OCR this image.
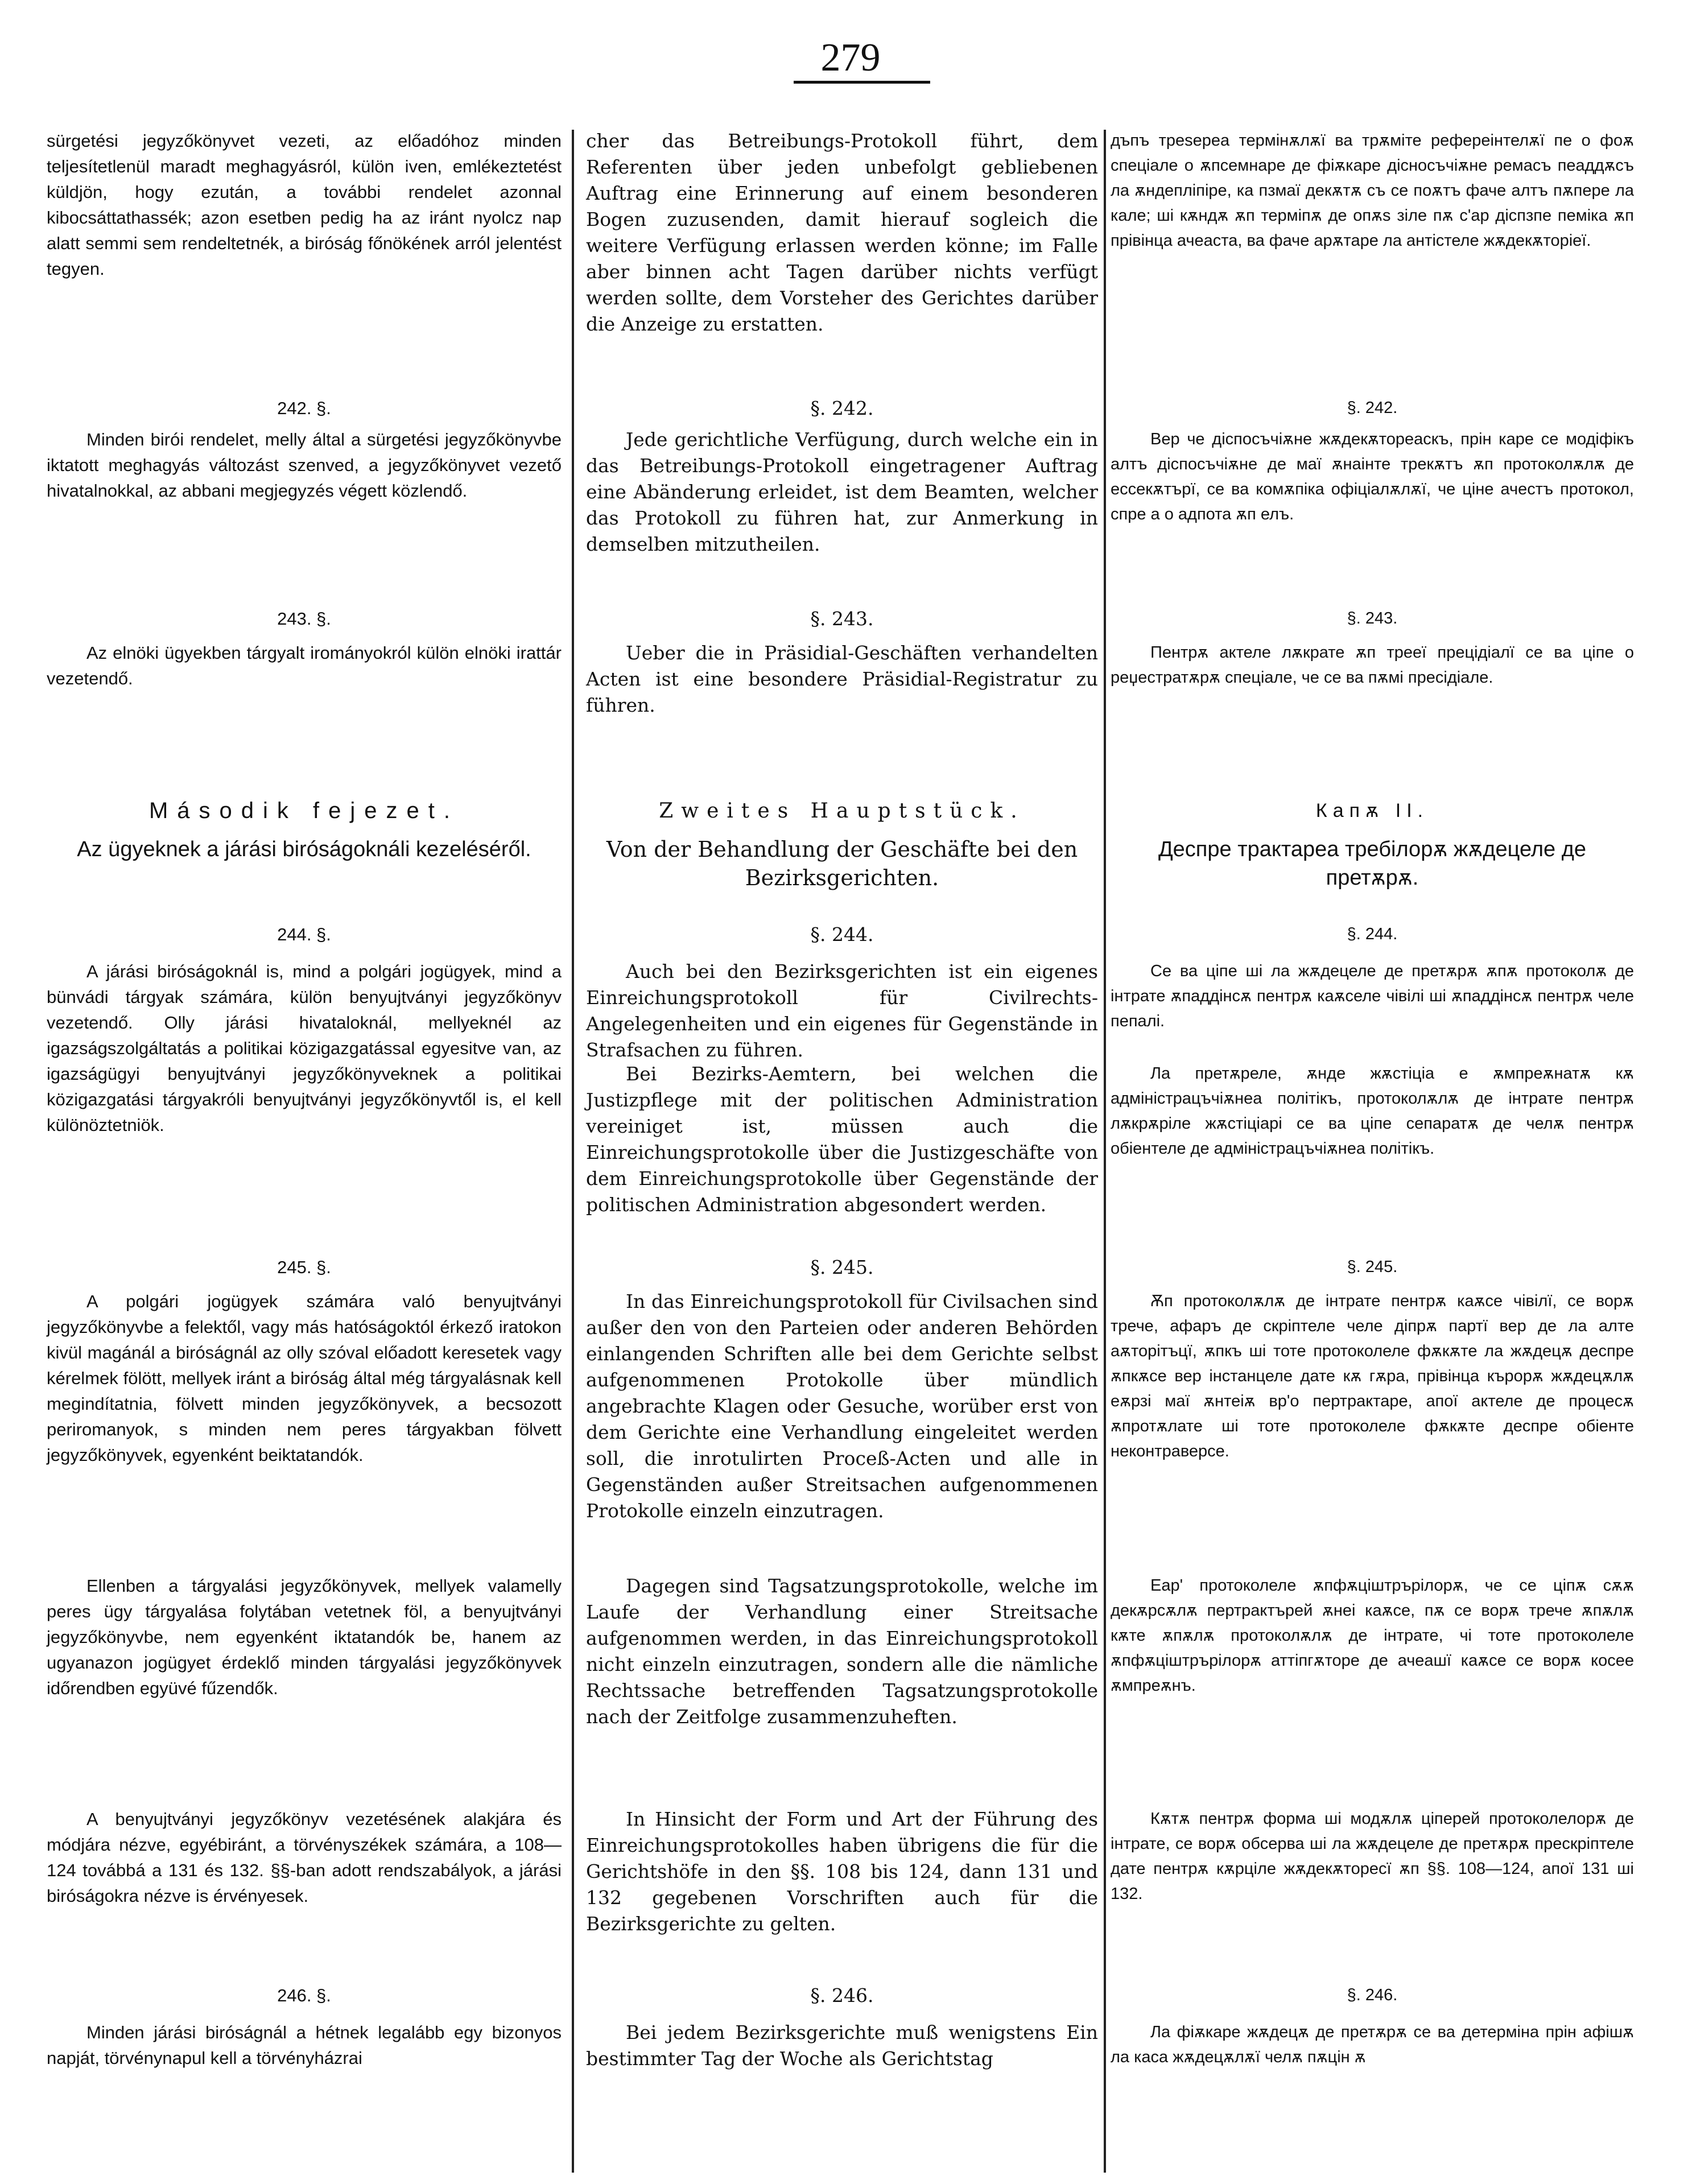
279

sürgetési jegyzőkönyvet vezeti, az előadóhoz minden teljesítetlenül maradt meghagyásról, külön iven, emlékeztetést küldjön, hogy ezután, a további rendelet azonnal kibocsáttathassék; azon esetben pedig ha az iránt nyolcz nap alatt semmi sem rendeltetnék, a biróság főnökének arról jelentést tegyen.

242. §.

Minden birói rendelet, melly által a sürgetési jegyzőkönyvbe iktatott meghagyás változást szenved, a jegyzőkönyvet vezető hivatalnokkal, az abbani megjegyzés végett közlendő.

243. §.

Az elnöki ügyekben tárgyalt irományokról külön elnöki irattár vezetendő.

Második fejezet.

Az ügyeknek a járási biróságoknáli kezeléséről.

244. §.

A járási biróságoknál is, mind a polgári jogügyek, mind a bünvádi tárgyak számára, külön benyujtványi jegyzőkönyv vezetendő. Olly járási hivataloknál, mellyeknél az igazságszolgáltatás a politikai közigazgatással egyesitve van, az igazságügyi benyujtványi jegyzőkönyveknek a politikai közigazgatási tárgyakróli benyujtványi jegyzőkönyvtől is, el kell különöztetniök.

245. §.

A polgári jogügyek számára való benyujtványi jegyzőkönyvbe a felektől, vagy más hatóságoktól érkező iratokon kivül magánál a biróságnál az olly szóval előadott keresetek vagy kérelmek fölött, mellyek iránt a biróság által még tárgyalásnak kell megindítatnia, fölvett minden jegyzőkönyvek, a becsozott periromanyok, s minden nem peres tárgyakban fölvett jegyzőkönyvek, egyenként beiktatandók.

Ellenben a tárgyalási jegyzőkönyvek, mellyek valamelly peres ügy tárgyalása folytában vetetnek föl, a benyujtványi jegyzőkönyvbe, nem egyenként iktatandók be, hanem az ugyanazon jogügyet érdeklő minden tárgyalási jegyzőkönyvek időrendben együvé fűzendők.

A benyujtványi jegyzőkönyv vezetésének alakjára és módjára nézve, egyébiránt, a törvényszékek számára, a 108—124 továbbá a 131 és 132. §§-ban adott rendszabályok, a járási biróságokra nézve is érvényesek.

246. §.

Minden járási biróságnál a hétnek legalább egy bizonyos napját, törvénynapul kell a törvényházrai

cher das Betreibungs-Protokoll führt, dem Referenten über jeden unbefolgt gebliebenen Auftrag eine Erinnerung auf einem besonderen Bogen zuzusenden, damit hierauf sogleich die weitere Verfügung erlassen werden könne; im Falle aber binnen acht Tagen darüber nichts verfügt werden sollte, dem Vorsteher des Gerichtes darüber die Anzeige zu erstatten.

§. 242.

Jede gerichtliche Verfügung, durch welche ein in das Betreibungs-Protokoll eingetragener Auftrag eine Abänderung erleidet, ist dem Beamten, welcher das Protokoll zu führen hat, zur Anmerkung in demselben mitzutheilen.

§. 243.

Ueber die in Präsidial-Geschäften verhandelten Acten ist eine besondere Präsidial-Registratur zu führen.

Zweites Hauptstück.

Von der Behandlung der Geschäfte bei den Bezirksgerichten.

§. 244.

Auch bei den Bezirksgerichten ist ein eigenes Einreichungsprotokoll für Civilrechts-Angelegenheiten und ein eigenes für Gegenstände in Strafsachen zu führen.

Bei Bezirks-Aemtern, bei welchen die Justizpflege mit der politischen Administration vereiniget ist, müssen auch die Einreichungsprotokolle über die Justizgeschäfte von dem Einreichungsprotokolle über Gegenstände der politischen Administration abgesondert werden.

§. 245.

In das Einreichungsprotokoll für Civilsachen sind außer den von den Parteien oder anderen Behörden einlangenden Schriften alle bei dem Gerichte selbst aufgenommenen Protokolle über mündlich angebrachte Klagen oder Gesuche, worüber erst von dem Gerichte eine Verhandlung eingeleitet werden soll, die inrotulirten Proceß-Acten und alle in Gegenständen außer Streitsachen aufgenommenen Protokolle einzeln einzutragen.

Dagegen sind Tagsatzungsprotokolle, welche im Laufe der Verhandlung einer Streitsache aufgenommen werden, in das Einreichungsprotokoll nicht einzeln einzutragen, sondern alle die nämliche Rechtssache betreffenden Tagsatzungsprotokolle nach der Zeitfolge zusammenzuheften.

In Hinsicht der Form und Art der Führung des Einreichungsprotokolles haben übrigens die für die Gerichtshöfe in den §§. 108 bis 124, dann 131 und 132 gegebenen Vorschriften auch für die Bezirksgerichte zu gelten.

§. 246.

Bei jedem Bezirksgerichte muß wenigstens Ein bestimmter Tag der Woche als Gerichtstag

дъпъ треѕереа термінѫлѫї ва трѫміте рефереінтелѫї пе о фоѫ спеціале о ѫпсемнаре де фіѫкаре дісносъчіѫне ремасъ пеаддѫсъ ла ѫндепліпіре, ка пзмаї декѫтѫ съ се поѫтъ фаче алтъ пѫпере ла кале; ші кѫндѫ ѫп терміпѫ де опѫѕ зіле пѫ с'ар діспзпе пеміка ѫп прівінца ачеаста, ва фаче арѫтаре ла антістеле жѫдекѫторіеї.

§. 242.

Вер че діспосъчіѫне жѫдекѫтореаскъ, прін каре се модіфікъ алтъ діспосъчіѫне де маї ѫнаінте трекѫтъ ѫп протоколѫлѫ де ессекѫтърї, се ва комѫпіка офіціалѫлѫї, че ціне ачестъ протокол, спре а о адпота ѫп елъ.

§. 243.

Пентрѫ актеле лѫкрате ѫп трееї прецідіалї се ва ціпе о реџестратѫрѫ спеціале, че се ва пѫмі пресідіале.

Капѫ II.

Деспре трактареа требілорѫ жѫдецеле де претѫрѫ.

§. 244.

Се ва ціпе ші ла жѫдецеле де претѫрѫ ѫпѫ протоколѫ де інтрате ѫпаддінсѫ пентрѫ каѫселе чівілі ші ѫпаддінсѫ пентрѫ челе пепалі.

Ла претѫреле, ѫнде жѫстіціа е ѫмпреѫнатѫ кѫ адміністрацъчіѫнеа політікъ, протоколѫлѫ де інтрате пентрѫ лѫкрѫріле жѫстіціарі се ва ціпе сепаратѫ де челѫ пентрѫ обіентеле де адміністрацъчіѫнеа політікъ.

§. 245.

Ѫп протоколѫлѫ де інтрате пентрѫ каѫсе чівілї, се ворѫ тречe, афаръ де скріптеле челе діпрѫ партї вер де ла алте аѫторітъцї, ѫпкъ ші тоте протоколеле фѫкѫте ла жѫдецѫ деспре ѫпкѫсе вер інстанцеле дате кѫ гѫра, прівінца кърорѫ жѫдецѫлѫ еѫрзі маї ѫнтеіѫ вр'о пертрактаре, апої актеле де процесѫ ѫпротѫлате ші тоте протоколеле фѫкѫте деспре обіенте неконтраверсе.

Еар' протоколеле ѫпфѫціштрърілорѫ, че се ціпѫ сѫѫ декѫрсѫлѫ пертрактърей ѫнеі каѫсе, пѫ се ворѫ тречe ѫпѫлѫ кѫте ѫпѫлѫ протоколѫлѫ де інтрате, чі тоте протоколеле ѫпфѫціштрърілорѫ аттіпгѫтоpе де ачеашї каѫсе се ворѫ косее ѫмпреѫнъ.

Кѫтѫ пентрѫ форма ші модѫлѫ ціперей протоколелорѫ де інтрате, се ворѫ обсерва ші ла жѫдецеле де претѫрѫ прескріптеле дате пентрѫ кѫрціле жѫдекѫтореcї ѫп §§. 108—124, апої 131 ші 132.

§. 246.

Ла фіѫкаре жѫдецѫ де претѫрѫ се ва детерміна прін афішѫ ла каса жѫдецѫлѫї челѫ пѫцін ѫ
